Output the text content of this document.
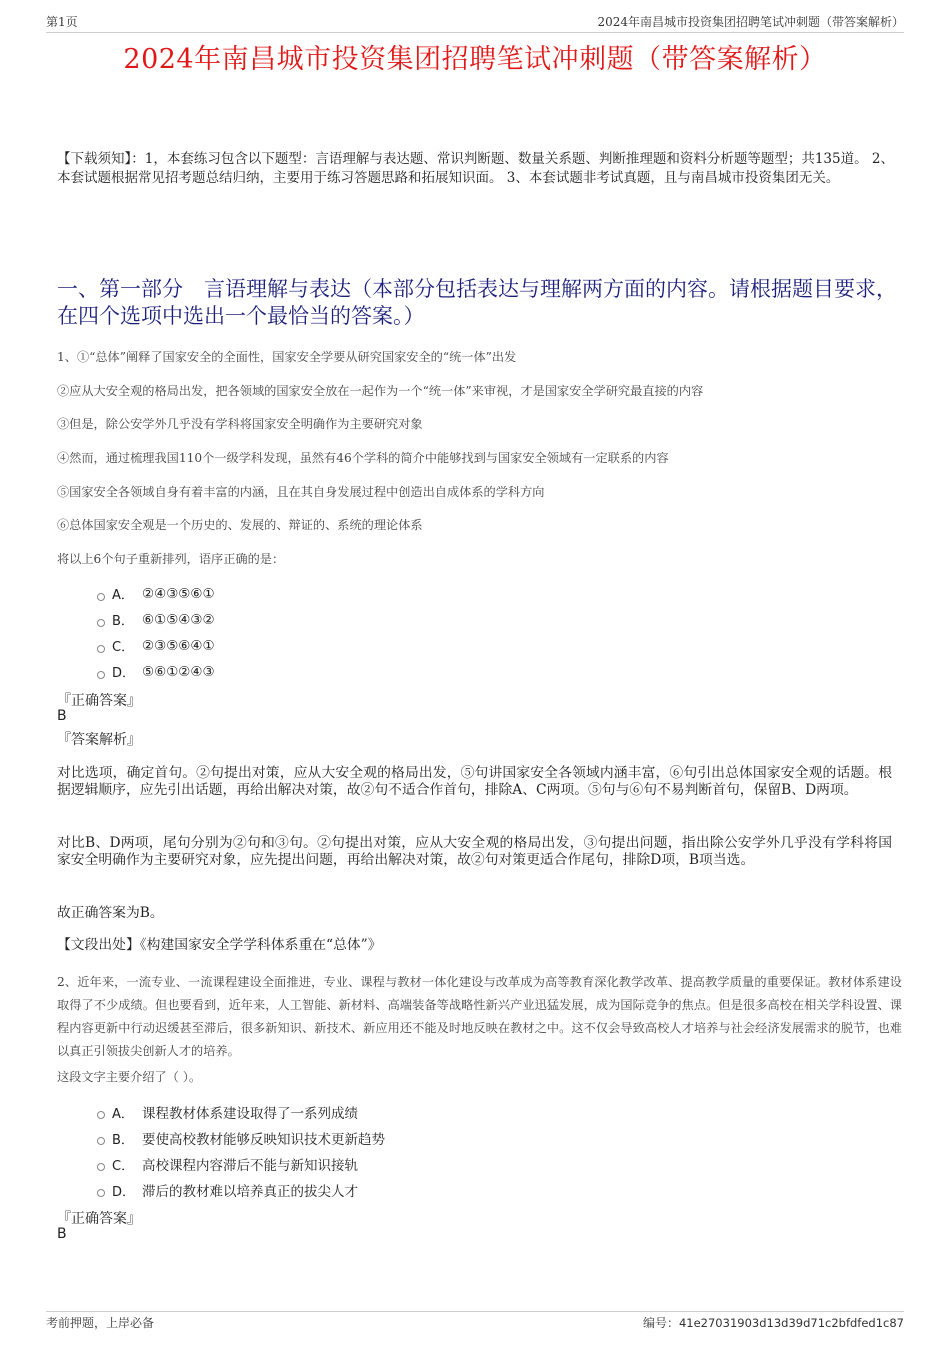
第1页	2024年南昌城市投资集团招聘笔试冲刺题（带答案解析）
2024年南昌城市投资集团招聘笔试冲刺题（带答案解析）
【下载须知】：1，本套练习包含以下题型：言语理解与表达题、常识判断题、数量关系题、判断推理题和资料分析题等题型；共135道。 2、本套试题根据常见招考题总结归纳，主要用于练习答题思路和拓展知识面。 3、本套试题非考试真题，且与南昌城市投资集团无关。
一、第一部分　言语理解与表达（本部分包括表达与理解两方面的内容。请根据题目要求，在四个选项中选出一个最恰当的答案。）
1、①“总体”阐释了国家安全的全面性，国家安全学要从研究国家安全的“统一体”出发
②应从大安全观的格局出发，把各领域的国家安全放在一起作为一个“统一体”来审视，才是国家安全学研究最直接的内容
③但是，除公安学外几乎没有学科将国家安全明确作为主要研究对象
④然而，通过梳理我国110个一级学科发现，虽然有46个学科的简介中能够找到与国家安全领域有一定联系的内容
⑤国家安全各领域自身有着丰富的内涵，且在其自身发展过程中创造出自成体系的学科方向
⑥总体国家安全观是一个历史的、发展的、辩证的、系统的理论体系
将以上6个句子重新排列，语序正确的是：
A． ②④③⑤⑥①
B． ⑥①⑤④③②
C． ②③⑤⑥④①
D． ⑤⑥①②④③
『正确答案』
B
『答案解析』
对比选项，确定首句。②句提出对策，应从大安全观的格局出发，⑤句讲国家安全各领域内涵丰富，⑥句引出总体国家安全观的话题。根据逻辑顺序，应先引出话题，再给出解决对策，故②句不适合作首句，排除A、C两项。⑤句与⑥句不易判断首句，保留B、D两项。
对比B、D两项，尾句分别为②句和③句。②句提出对策，应从大安全观的格局出发，③句提出问题，指出除公安学外几乎没有学科将国家安全明确作为主要研究对象，应先提出问题，再给出解决对策，故②句对策更适合作尾句，排除D项，B项当选。
故正确答案为B。
【文段出处】《构建国家安全学学科体系重在“总体”》
2、近年来，一流专业、一流课程建设全面推进，专业、课程与教材一体化建设与改革成为高等教育深化教学改革、提高教学质量的重要保证。教材体系建设取得了不少成绩。但也要看到，近年来，人工智能、新材料、高端装备等战略性新兴产业迅猛发展，成为国际竞争的焦点。但是很多高校在相关学科设置、课程内容更新中行动迟缓甚至滞后，很多新知识、新技术、新应用还不能及时地反映在教材之中。这不仅会导致高校人才培养与社会经济发展需求的脱节，也难以真正引领拔尖创新人才的培养。
这段文字主要介绍了（ ）。
A． 课程教材体系建设取得了一系列成绩
B． 要使高校教材能够反映知识技术更新趋势
C． 高校课程内容滞后不能与新知识接轨
D． 滞后的教材难以培养真正的拔尖人才
『正确答案』
B
考前押题，上岸必备	编号：41e27031903d13d39d71c2bfdfed1c87
